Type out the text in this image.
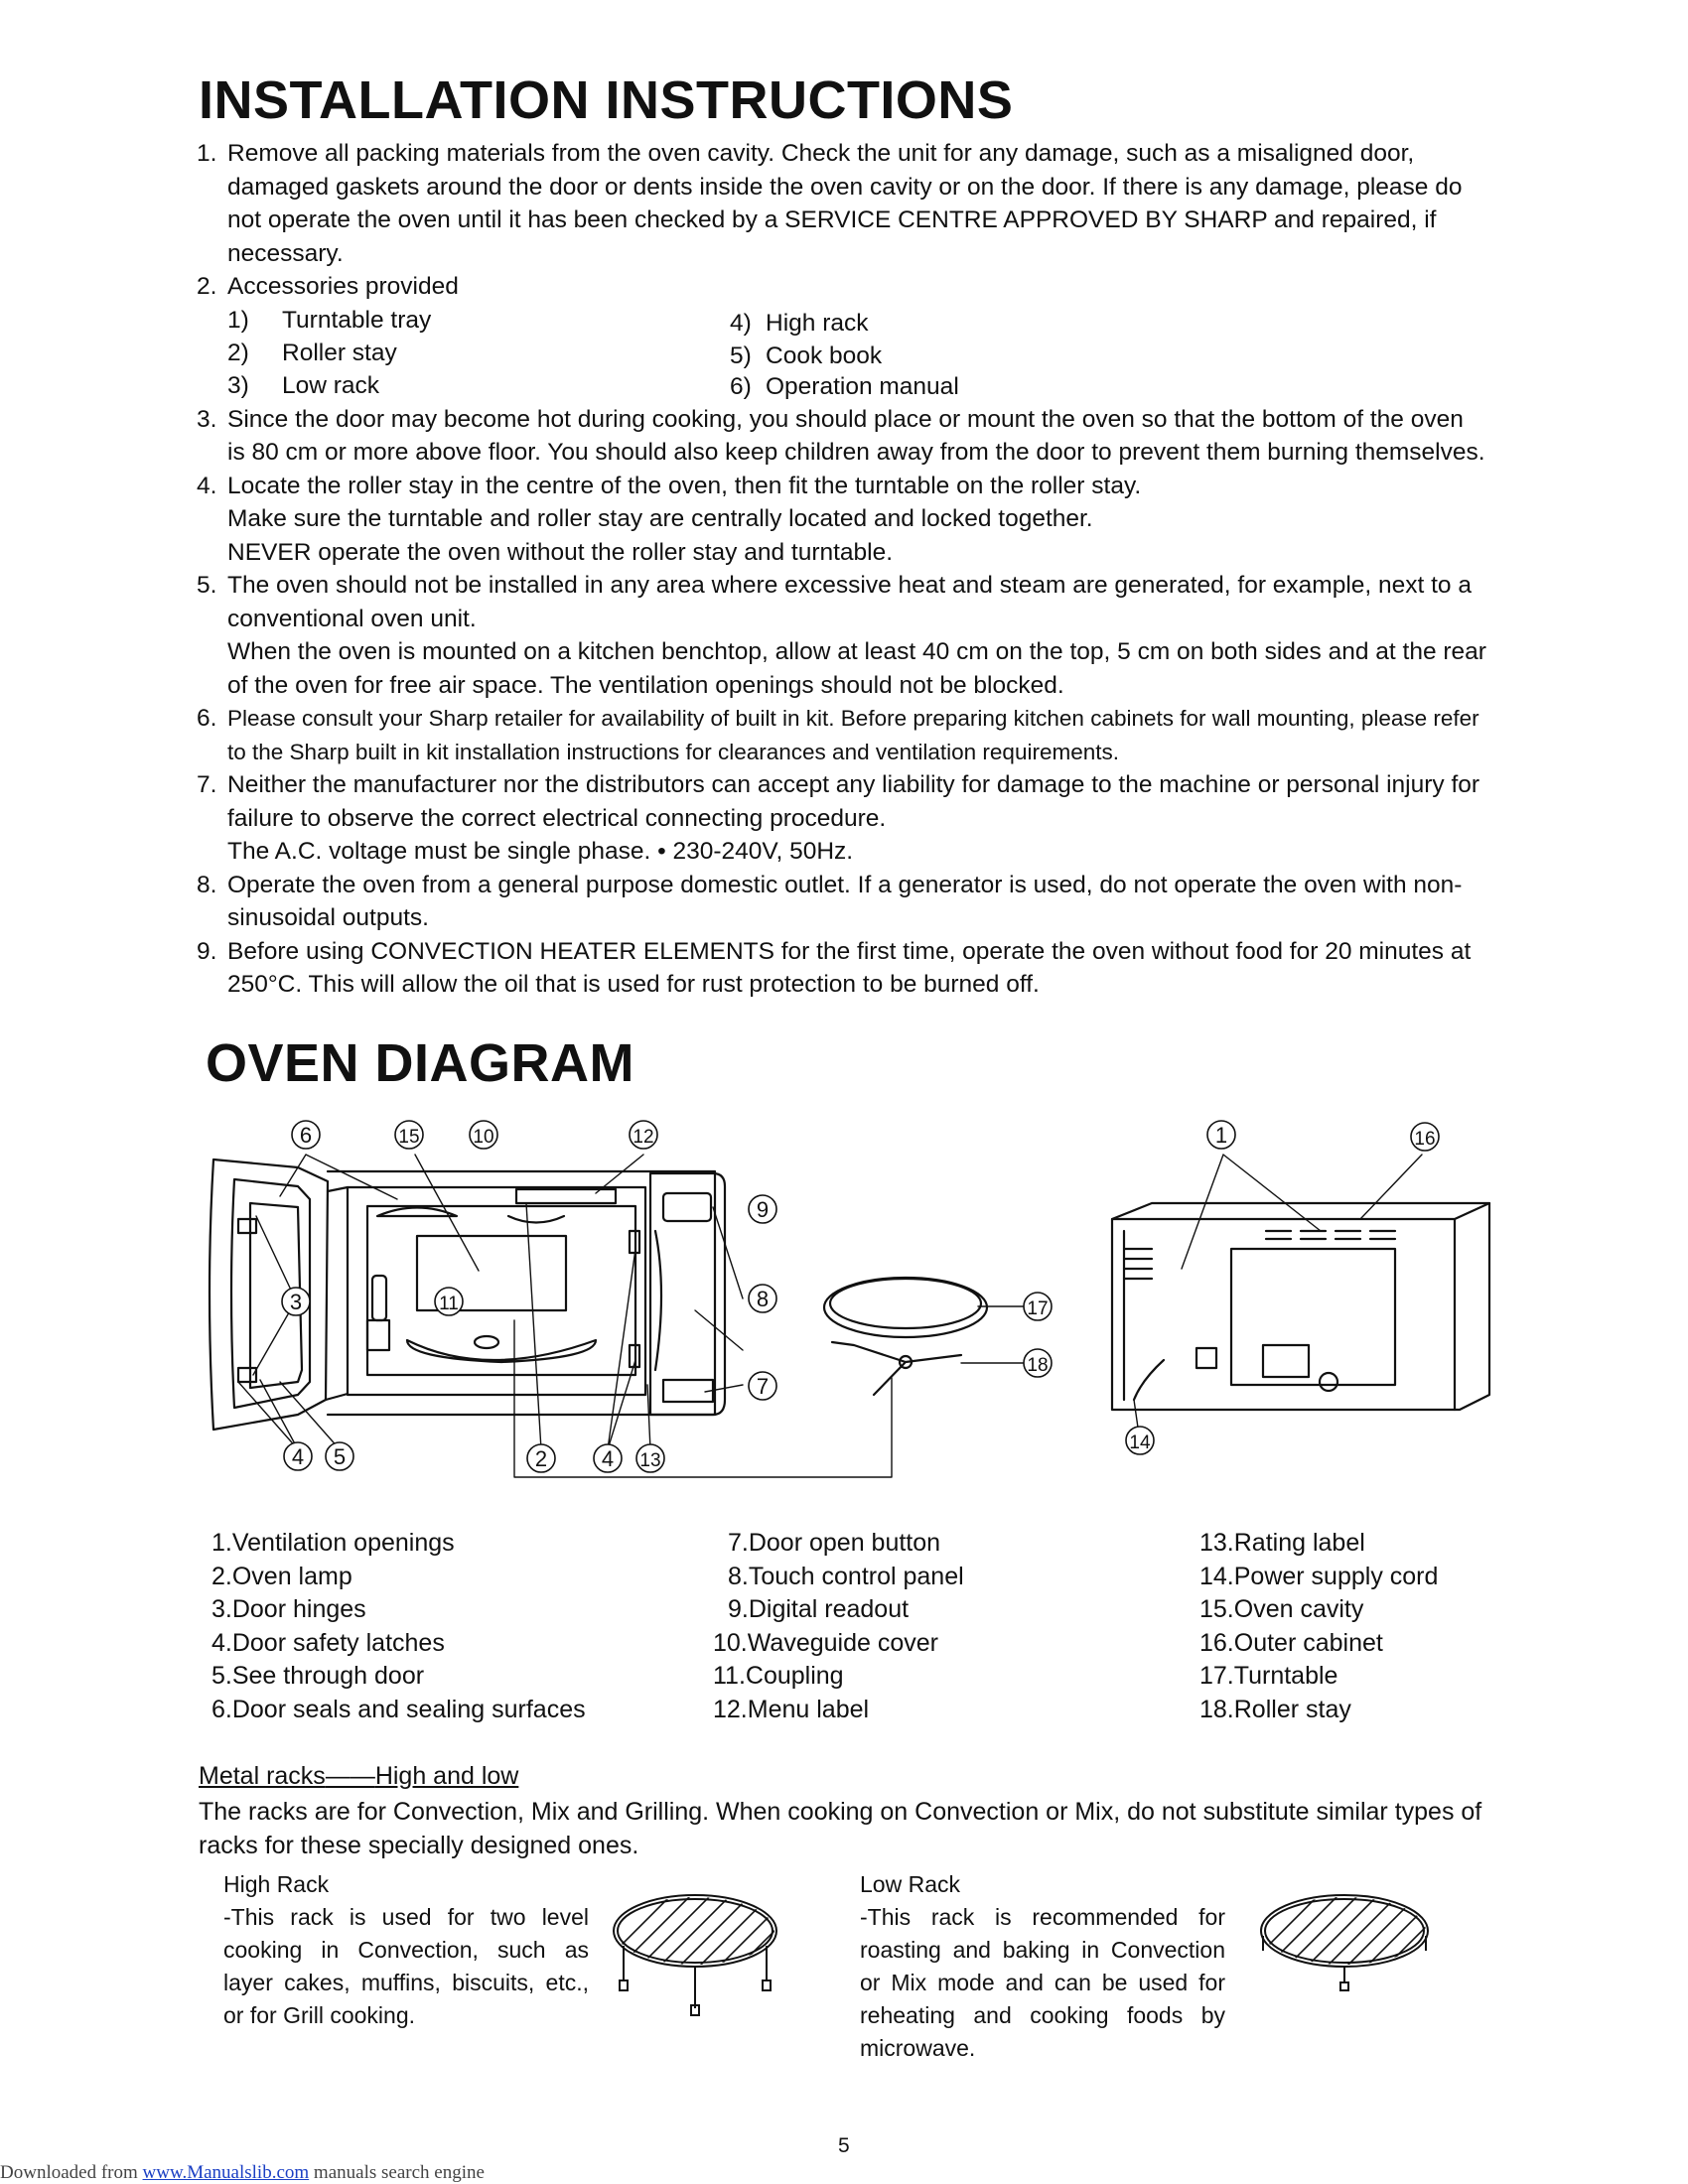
INSTALLATION INSTRUCTIONS
1. Remove all packing materials from the oven cavity. Check the unit for any damage, such as a misaligned door, damaged gaskets around the door or dents inside the oven cavity or on the door. If there is any damage, please do not operate the oven until it has been checked by a SERVICE CENTRE APPROVED BY SHARP and repaired, if necessary.

2. Accessories provided

1) Turntable tray
2) Roller stay
3) Low rack
4) High rack
5) Cook book
6) Operation manual
3. Since the door may become hot during cooking, you should place or mount the oven so that the bottom of the oven is 80 cm or more above floor. You should also keep children away from the door to prevent them burning themselves.

4. Locate the roller stay in the centre of the oven, then fit the turntable on the roller stay.

Make sure the turntable and roller stay are centrally located and locked together.

NEVER operate the oven without the roller stay and turntable.

5. The oven should not be installed in any area where excessive heat and steam are generated, for example, next to a conventional oven unit.

When the oven is mounted on a kitchen benchtop, allow at least 40 cm on the top, 5 cm on both sides and at the rear of the oven for free air space. The ventilation openings should not be blocked.

6. Please consult your Sharp retailer for availability of built in kit. Before preparing kitchen cabinets for wall mounting, please refer to the Sharp built in kit installation instructions for clearances and ventilation requirements.

7. Neither the manufacturer nor the distributors can accept any liability for damage to the machine or personal injury for failure to observe the correct electrical connecting procedure.

The A.C. voltage must be single phase. • 230-240V, 50Hz.

8. Operate the oven from a general purpose domestic outlet. If a generator is used, do not operate the oven with non-sinusoidal outputs.

9. Before using CONVECTION HEATER ELEMENTS for the first time, operate the oven without food for 20 minutes at 250°C. This will allow the oil that is used for rust protection to be burned off.

OVEN DIAGRAM
6	15	10	12
9
3	11	8
7
17
18
1	16
14
4 5	2 4 13
1.Ventilation openings
2.Oven lamp
3.Door hinges
4.Door safety latches
5.See through door
6.Door seals and sealing surfaces
7.Door open button
8.Touch control panel
9.Digital readout
10.Waveguide cover
11.Coupling
12.Menu label
13.Rating label
14.Power supply cord
15.Oven cavity
16.Outer cabinet
17.Turntable
18.Roller stay
Metal racks——High and low
The racks are for Convection, Mix and Grilling. When cooking on Convection or Mix, do not substitute similar types of racks for these specially designed ones.
High Rack
-This rack is used for two level cooking in Convection, such as layer cakes, muffins, biscuits, etc., or for Grill cooking.
Low Rack
-This rack is recommended for roasting and baking in Convection or Mix mode and can be used for reheating and cooking foods by microwave.
5
Downloaded from www.Manualslib.com manuals search engine
